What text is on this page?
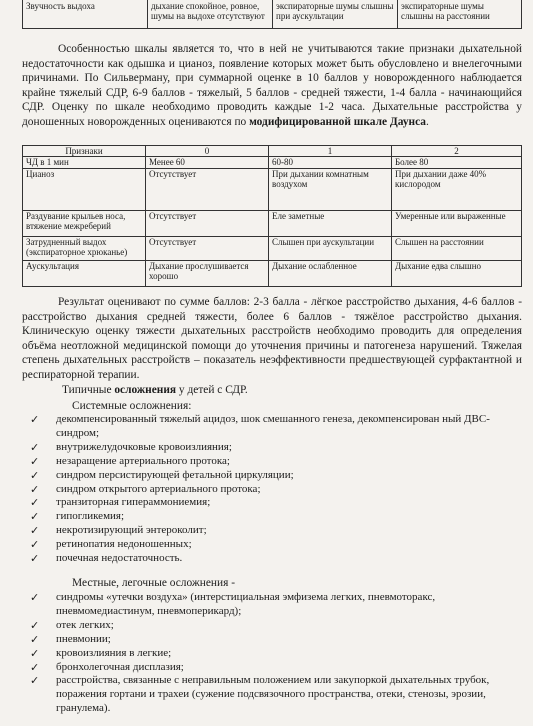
Звучность выдоха	дыхание спокойное, ровное, шумы на выдохе отсутствуют	экспираторные шумы слышны при аускультации	экспираторные шумы слышны на расстоянии

Особенностью шкалы является то, что в ней не учитываются такие признаки дыхательной недостаточности как одышка и цианоз, появление которых может быть обусловлено и внелегочными причинами. По Сильверману, при суммарной оценке в 10 баллов у новорожденного наблюдается крайне тяжелый СДР, 6-9 баллов - тяжелый, 5 баллов - средней тяжести, 1-4 балла - начинающийся СДР. Оценку по шкале необходимо проводить каждые 1-2 часа. Дыхательные расстройства у доношенных новорожденных оцениваются по модифицированной шкале Даунса.

Признаки	0	1	2
ЧД в 1 мин	Менее 60	60-80	Более 80
Цианоз	Отсутствует	При дыхании комнатным воздухом	При дыхании даже 40% кислородом
Раздувание крыльев носа, втяжение межреберий	Отсутствует	Еле заметные	Умеренные или выраженные
Затрудненный выдох (экспираторное хрюканье)	Отсутствует	Слышен при аускультации	Слышен на расстоянии
Аускультация	Дыхание прослушивается хорошо	Дыхание ослабленное	Дыхание едва слышно

Результат оценивают по сумме баллов: 2-3 балла - лёгкое расстройство дыхания, 4-6 баллов - расстройство дыхания средней тяжести, более 6 баллов - тяжёлое расстройство дыхания. Клиническую оценку тяжести дыхательных расстройств необходимо проводить для определения объёма неотложной медицинской помощи до уточнения причины и патогенеза нарушений. Тяжелая степень дыхательных расстройств – показатель неэффективности предшествующей сурфактантной и респираторной терапии.

Типичные осложнения у детей с СДР.

Системные осложнения:

✓	декомпенсированный тяжелый ацидоз, шок смешанного генеза, декомпенсирован ный ДВС-синдром;
✓	внутрижелудочковые кровоизлияния;
✓	незаращение артериального протока;
✓	синдром персистирующей фетальной циркуляции;
✓	синдром открытого артериального протока;
✓	транзиторная гипераммониемия;
✓	гипогликемия;
✓	некротизирующий энтероколит;
✓	ретинопатия недоношенных;
✓	почечная недостаточность.

Местные, легочные осложнения -

✓	синдромы «утечки воздуха» (интерстициальная эмфизема легких, пневмоторакс, пневмомедиастинум, пневмоперикард);
✓	отек легких;
✓	пневмонии;
✓	кровоизлияния в легкие;
✓	бронхолегочная дисплазия;
✓	расстройства, связанные с неправильным положением или закупоркой дыхательных трубок, поражения гортани и трахеи (сужение подсвязочного пространства, отеки, стенозы, эрозии, гранулема).
